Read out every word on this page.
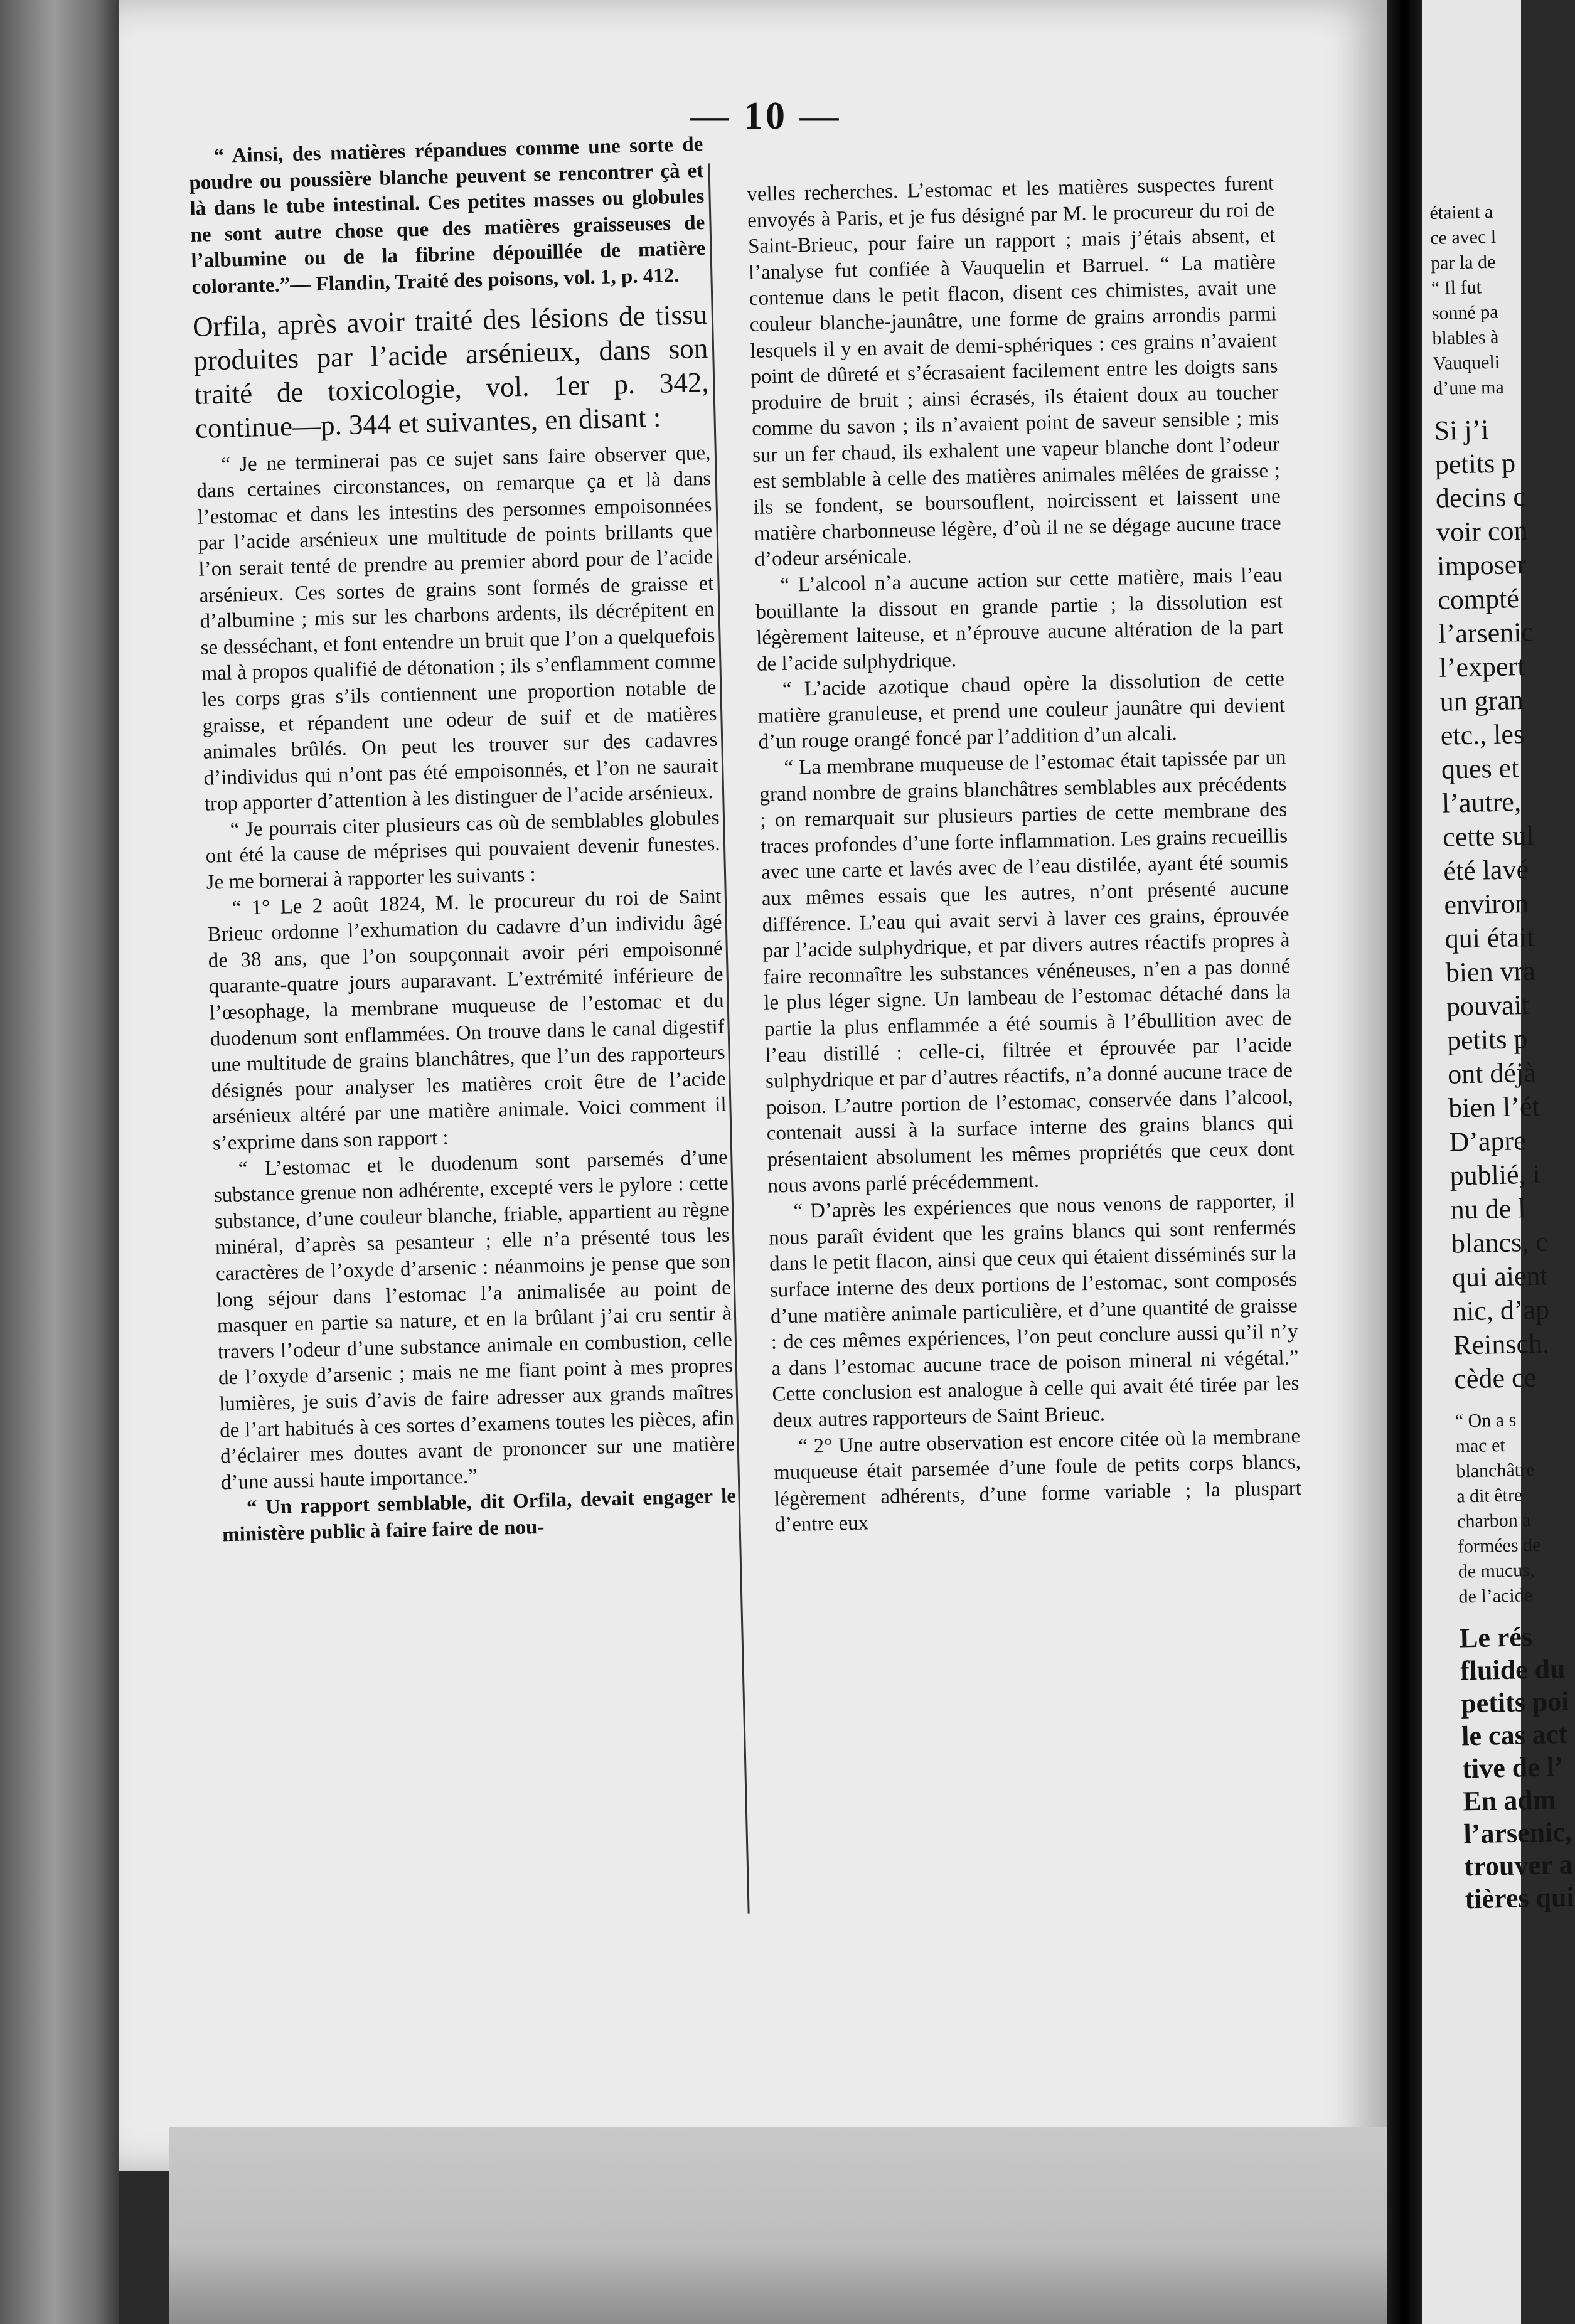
— 10 —

“ Ainsi, des matières répandues comme une sorte de poudre ou poussière blanche peuvent se rencontrer çà et là dans le tube intestinal. Ces petites masses ou globules ne sont autre chose que des matières graisseuses de l’albumine ou de la fibrine dépouillée de matière colorante.”— Flandin, Traité des poisons, vol. 1, p. 412.

Orfila, après avoir traité des lésions de tissu produites par l’acide arsénieux, dans son traité de toxicologie, vol. 1er p. 342, continue—p. 344 et suivantes, en disant :

“ Je ne terminerai pas ce sujet sans faire observer que, dans certaines circonstances, on remarque ça et là dans l’estomac et dans les intestins des personnes empoisonnées par l’acide arsénieux une multitude de points brillants que l’on serait tenté de prendre au premier abord pour de l’acide arsénieux. Ces sortes de grains sont formés de graisse et d’albumine ; mis sur les charbons ardents, ils décrépitent en se desséchant, et font entendre un bruit que l’on a quelquefois mal à propos qualifié de détonation ; ils s’enflamment comme les corps gras s’ils contiennent une proportion notable de graisse, et répandent une odeur de suif et de matières animales brûlés. On peut les trouver sur des cadavres d’individus qui n’ont pas été empoisonnés, et l’on ne saurait trop apporter d’attention à les distinguer de l’acide arsénieux.

“ Je pourrais citer plusieurs cas où de semblables globules ont été la cause de méprises qui pouvaient devenir funestes. Je me bornerai à rapporter les suivants :

“ 1° Le 2 août 1824, M. le procureur du roi de Saint Brieuc ordonne l’exhumation du cadavre d’un individu âgé de 38 ans, que l’on soupçonnait avoir péri empoisonné quarante-quatre jours auparavant. L’extrémité inférieure de l’œsophage, la membrane muqueuse de l’estomac et du duodenum sont enflammées. On trouve dans le canal digestif une multitude de grains blanchâtres, que l’un des rapporteurs désignés pour analyser les matières croit être de l’acide arsénieux altéré par une matière animale. Voici comment il s’exprime dans son rapport :

“ L’estomac et le duodenum sont parsemés d’une substance grenue non adhérente, excepté vers le pylore : cette substance, d’une couleur blanche, friable, appartient au règne minéral, d’après sa pesanteur ; elle n’a présenté tous les caractères de l’oxyde d’arsenic : néanmoins je pense que son long séjour dans l’estomac l’a animalisée au point de masquer en partie sa nature, et en la brûlant j’ai cru sentir à travers l’odeur d’une substance animale en combustion, celle de l’oxyde d’arsenic ; mais ne me fiant point à mes propres lumières, je suis d’avis de faire adresser aux grands maîtres de l’art habitués à ces sortes d’examens toutes les pièces, afin d’éclairer mes doutes avant de prononcer sur une matière d’une aussi haute importance.”

“ Un rapport semblable, dit Orfila, devait engager le ministère public à faire faire de nou-

velles recherches. L’estomac et les matières suspectes furent envoyés à Paris, et je fus désigné par M. le procureur du roi de Saint-Brieuc, pour faire un rapport ; mais j’étais absent, et l’analyse fut confiée à Vauquelin et Barruel. “ La matière contenue dans le petit flacon, disent ces chimistes, avait une couleur blanche-jaunâtre, une forme de grains arrondis parmi lesquels il y en avait de demi-sphériques : ces grains n’avaient point de dûreté et s’écrasaient facilement entre les doigts sans produire de bruit ; ainsi écrasés, ils étaient doux au toucher comme du savon ; ils n’avaient point de saveur sensible ; mis sur un fer chaud, ils exhalent une vapeur blanche dont l’odeur est semblable à celle des matières animales mêlées de graisse ; ils se fondent, se boursouflent, noircissent et laissent une matière charbonneuse légère, d’où il ne se dégage aucune trace d’odeur arsénicale.

“ L’alcool n’a aucune action sur cette matière, mais l’eau bouillante la dissout en grande partie ; la dissolution est légèrement laiteuse, et n’éprouve aucune altération de la part de l’acide sulphydrique.

“ L’acide azotique chaud opère la dissolution de cette matière granuleuse, et prend une couleur jaunâtre qui devient d’un rouge orangé foncé par l’addition d’un alcali.

“ La membrane muqueuse de l’estomac était tapissée par un grand nombre de grains blanchâtres semblables aux précédents ; on remarquait sur plusieurs parties de cette membrane des traces profondes d’une forte inflammation. Les grains recueillis avec une carte et lavés avec de l’eau distilée, ayant été soumis aux mêmes essais que les autres, n’ont présenté aucune différence. L’eau qui avait servi à laver ces grains, éprouvée par l’acide sulphydrique, et par divers autres réactifs propres à faire reconnaître les substances vénéneuses, n’en a pas donné le plus léger signe. Un lambeau de l’estomac détaché dans la partie la plus enflammée a été soumis à l’ébullition avec de l’eau distillé : celle-ci, filtrée et éprouvée par l’acide sulphydrique et par d’autres réactifs, n’a donné aucune trace de poison. L’autre portion de l’estomac, conservée dans l’alcool, contenait aussi à la surface interne des grains blancs qui présentaient absolument les mêmes propriétés que ceux dont nous avons parlé précédemment.

“ D’après les expériences que nous venons de rapporter, il nous paraît évident que les grains blancs qui sont renfermés dans le petit flacon, ainsi que ceux qui étaient disséminés sur la surface interne des deux portions de l’estomac, sont composés d’une matière animale particulière, et d’une quantité de graisse : de ces mêmes expériences, l’on peut conclure aussi qu’il n’y a dans l’estomac aucune trace de poison mineral ni végétal.” Cette conclusion est analogue à celle qui avait été tirée par les deux autres rapporteurs de Saint Brieuc.

“ 2° Une autre observation est encore citée où la membrane muqueuse était parsemée d’une foule de petits corps blancs, légèrement adhérents, d’une forme variable ; la pluspart d’entre eux

étaient a
ce avec l
par la de
“ Il fut
sonné pa
blables à
Vauqueli
d’une ma
Si j’i
petits p
decins c
voir con
imposer
compté
l’arsenic
l’expert
un gran
etc., les
ques et
l’autre,
cette sul
été lavé
environ
qui était
bien vra
pouvait
petits p
ont déjà
bien l’ét
D’apre
publié, i
nu de l
blancs, c
qui aient
nic, d’ap
Reinsch.
cède ce
“ On a s
mac et
blanchâtre
a dit être
charbon a
formées de
de mucus,
de l’acide
Le rés
fluide du
petits poi
le cas act
tive de l’
En adm
l’arsenic,
trouver a
tières qui
